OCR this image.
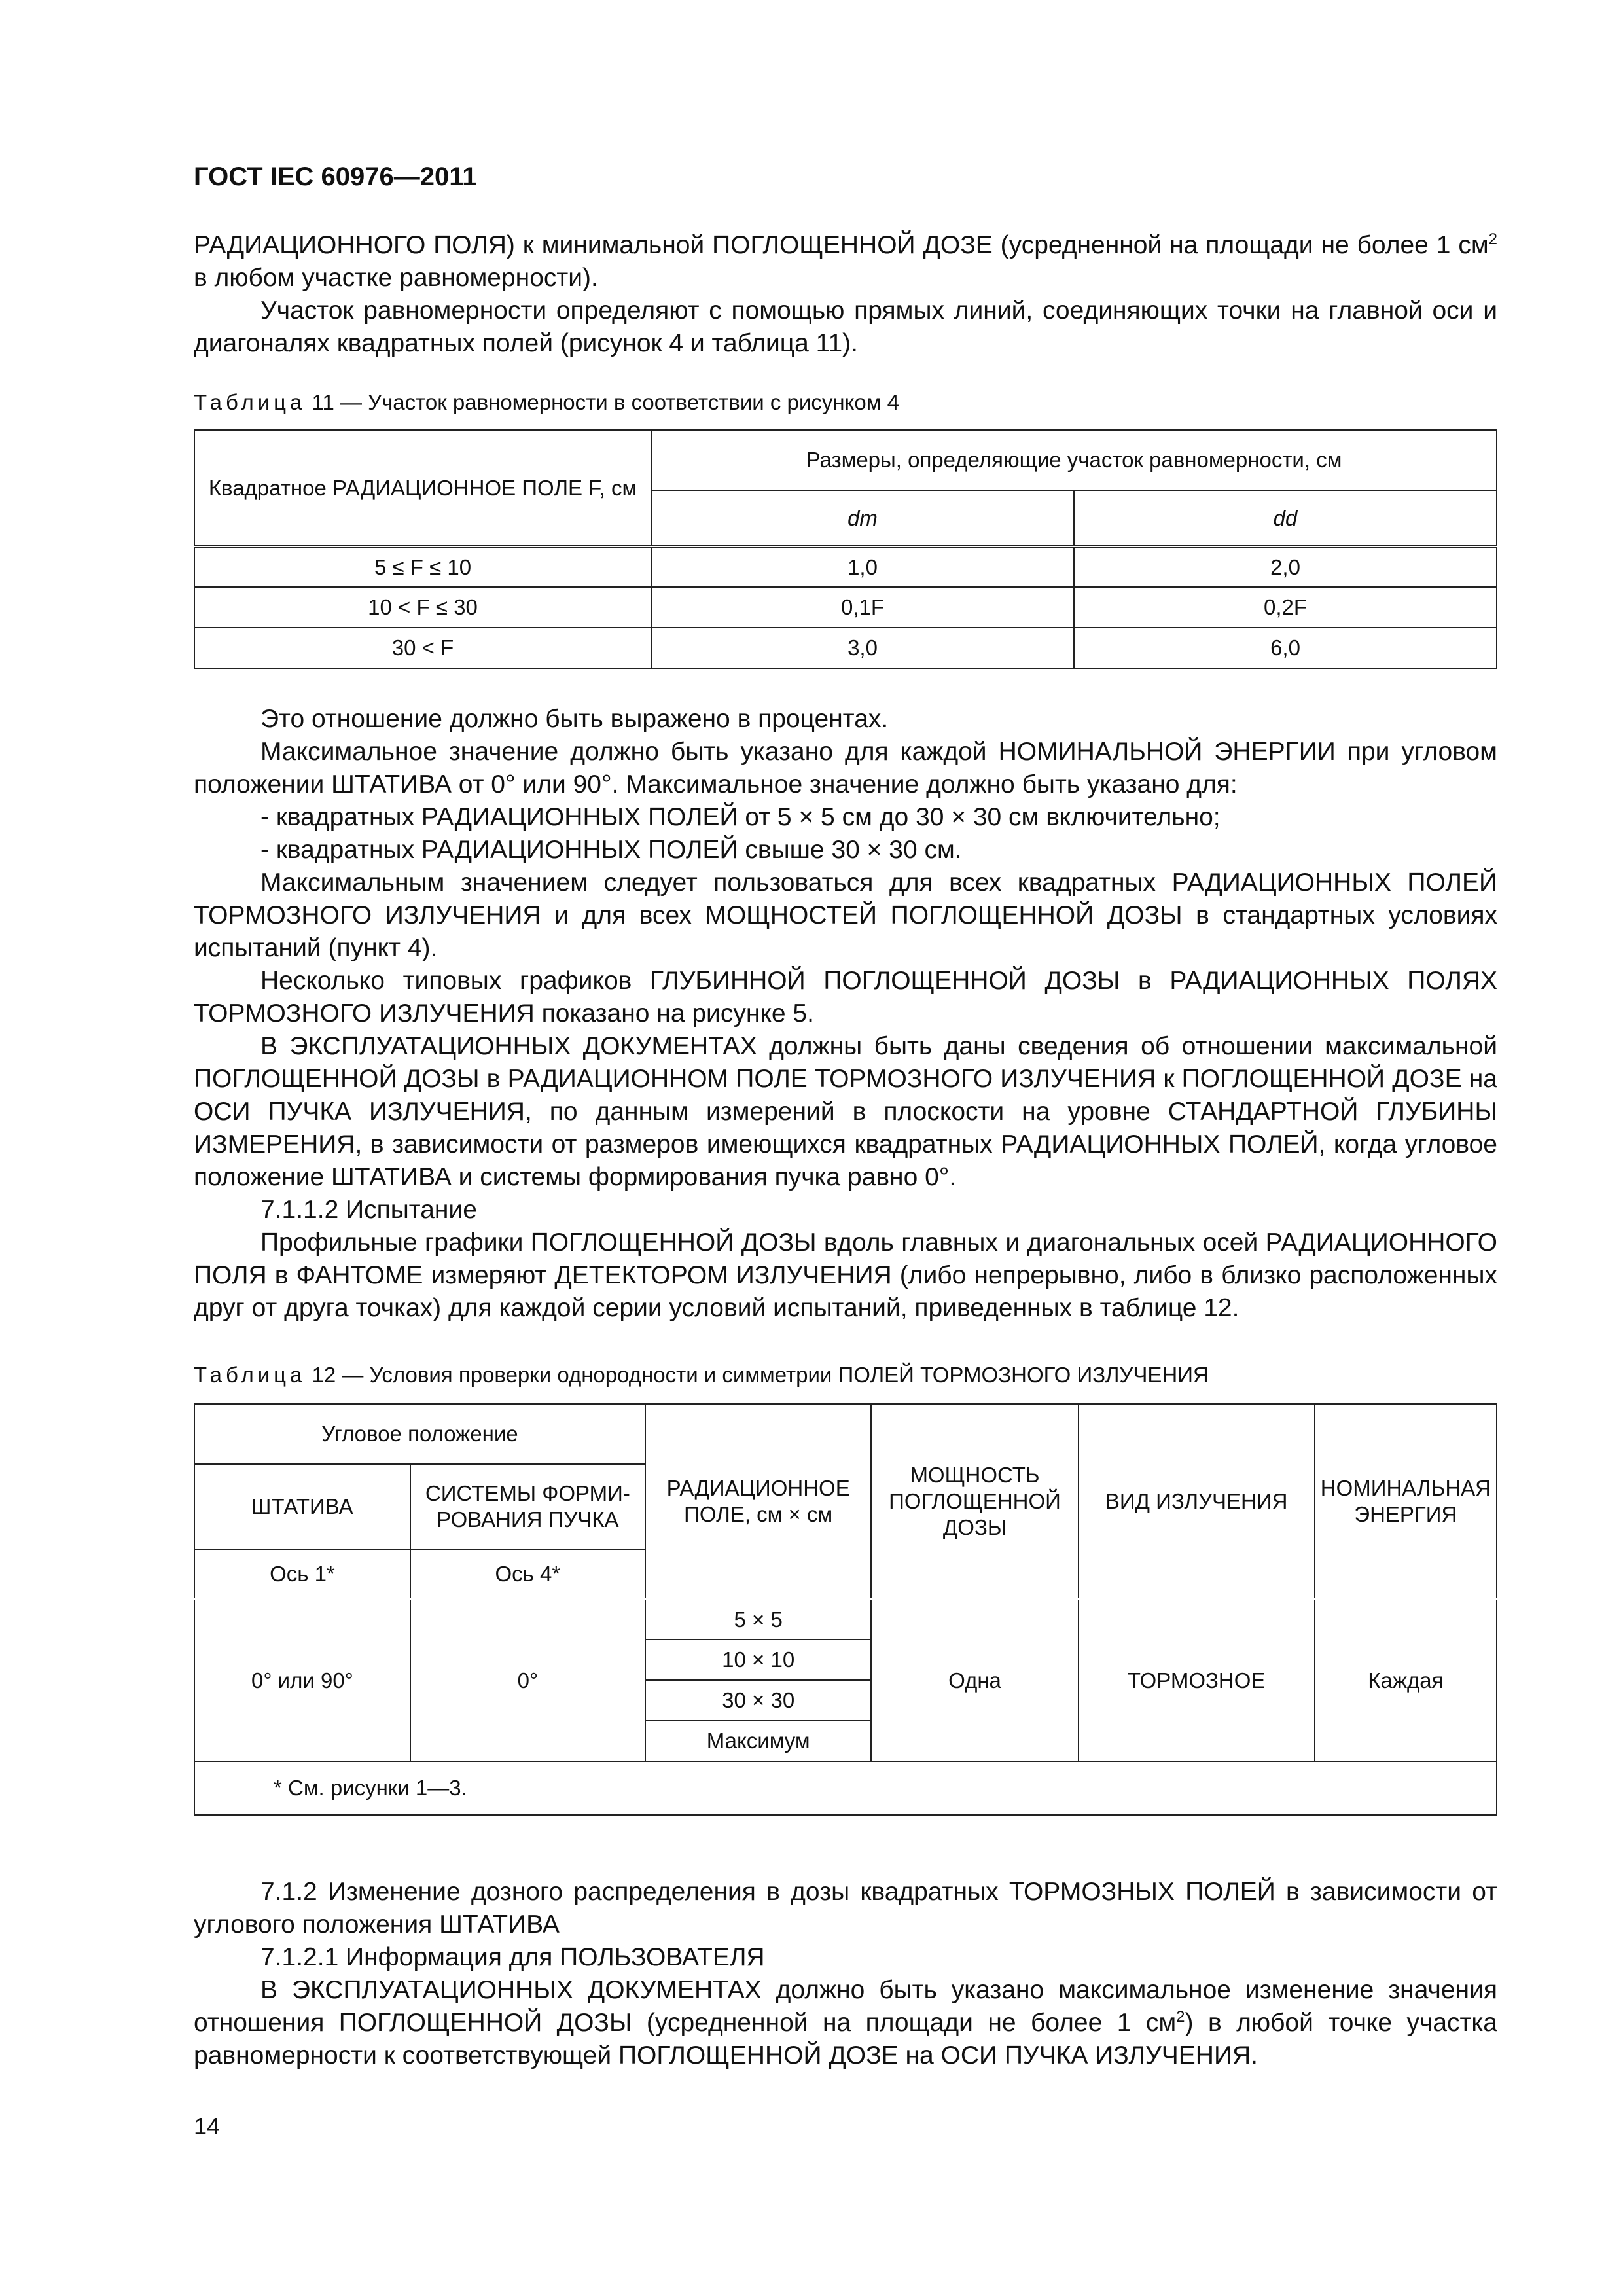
ГОСТ IEC 60976—2011

РАДИАЦИОННОГО ПОЛЯ) к минимальной ПОГЛОЩЕННОЙ ДОЗЕ (усредненной на площади не более 1 $см^2$ в любом участке равномерности).

Участок равномерности определяют с помощью прямых линий, соединяющих точки на главной оси и диагоналях квадратных полей (рисунок 4 и таблица 11).

Таблица 11 — Участок равномерности в соответствии с рисунком 4
Квадратное РАДИАЦИОННОЕ ПОЛЕ F, см	Размеры, определяющие участок равномерности, см	
	dm	dd
5 ≤ F ≤ 10	1,0	2,0
10 < F ≤ 30	0,1F	0,2F
30 < F	3,0	6,0

Это отношение должно быть выражено в процентах.

Максимальное значение должно быть указано для каждой НОМИНАЛЬНОЙ ЭНЕРГИИ при угловом положении ШТАТИВА от 0° или 90°. Максимальное значение должно быть указано для:

- квадратных РАДИАЦИОННЫХ ПОЛЕЙ от 5 × 5 см до 30 × 30 см включительно;

- квадратных РАДИАЦИОННЫХ ПОЛЕЙ свыше 30 × 30 см.

Максимальным значением следует пользоваться для всех квадратных РАДИАЦИОННЫХ ПОЛЕЙ ТОРМОЗНОГО ИЗЛУЧЕНИЯ и для всех МОЩНОСТЕЙ ПОГЛОЩЕННОЙ ДОЗЫ в стандартных условиях испытаний (пункт 4).

Несколько типовых графиков ГЛУБИННОЙ ПОГЛОЩЕННОЙ ДОЗЫ в РАДИАЦИОННЫХ ПОЛЯХ ТОРМОЗНОГО ИЗЛУЧЕНИЯ показано на рисунке 5.

В ЭКСПЛУАТАЦИОННЫХ ДОКУМЕНТАХ должны быть даны сведения об отношении максимальной ПОГЛОЩЕННОЙ ДОЗЫ в РАДИАЦИОННОМ ПОЛЕ ТОРМОЗНОГО ИЗЛУЧЕНИЯ к ПОГЛОЩЕННОЙ ДОЗЕ на ОСИ ПУЧКА ИЗЛУЧЕНИЯ, по данным измерений в плоскости на уровне СТАНДАРТНОЙ ГЛУБИНЫ ИЗМЕРЕНИЯ, в зависимости от размеров имеющихся квадратных РАДИАЦИОННЫХ ПОЛЕЙ, когда угловое положение ШТАТИВА и системы формирования пучка равно 0°.

7.1.1.2 Испытание

Профильные графики ПОГЛОЩЕННОЙ ДОЗЫ вдоль главных и диагональных осей РАДИАЦИОННОГО ПОЛЯ в ФАНТОМЕ измеряют ДЕТЕКТОРОМ ИЗЛУЧЕНИЯ (либо непрерывно, либо в близко расположенных друг от друга точках) для каждой серии условий испытаний, приведенных в таблице 12.

Таблица 12 — Условия проверки однородности и симметрии ПОЛЕЙ ТОРМОЗНОГО ИЗЛУЧЕНИЯ
Угловое положение		РАДИАЦИОННОЕ ПОЛЕ, см × см	МОЩНОСТЬ ПОГЛОЩЕННОЙ ДОЗЫ	ВИД ИЗЛУЧЕНИЯ	НОМИНАЛЬНАЯ ЭНЕРГИЯ
ШТАТИВА	СИСТЕМЫ ФОРМИ-РОВАНИЯ ПУЧКА				
Ось 1*	Ось 4*				
0° или 90°	0°	5 × 5	Одна	ТОРМОЗНОЕ	Каждая
		10 × 10			
		30 × 30			
		Максимум			
* См. рисунки 1—3.					

7.1.2 Изменение дозного распределения в дозы квадратных ТОРМОЗНЫХ ПОЛЕЙ в зависимости от углового положения ШТАТИВА

7.1.2.1 Информация для ПОЛЬЗОВАТЕЛЯ

В ЭКСПЛУАТАЦИОННЫХ ДОКУМЕНТАХ должно быть указано максимальное изменение значения отношения ПОГЛОЩЕННОЙ ДОЗЫ (усредненной на площади не более 1 $см^2$) в любой точке участка равномерности к соответствующей ПОГЛОЩЕННОЙ ДОЗЕ на ОСИ ПУЧКА ИЗЛУЧЕНИЯ.

14
